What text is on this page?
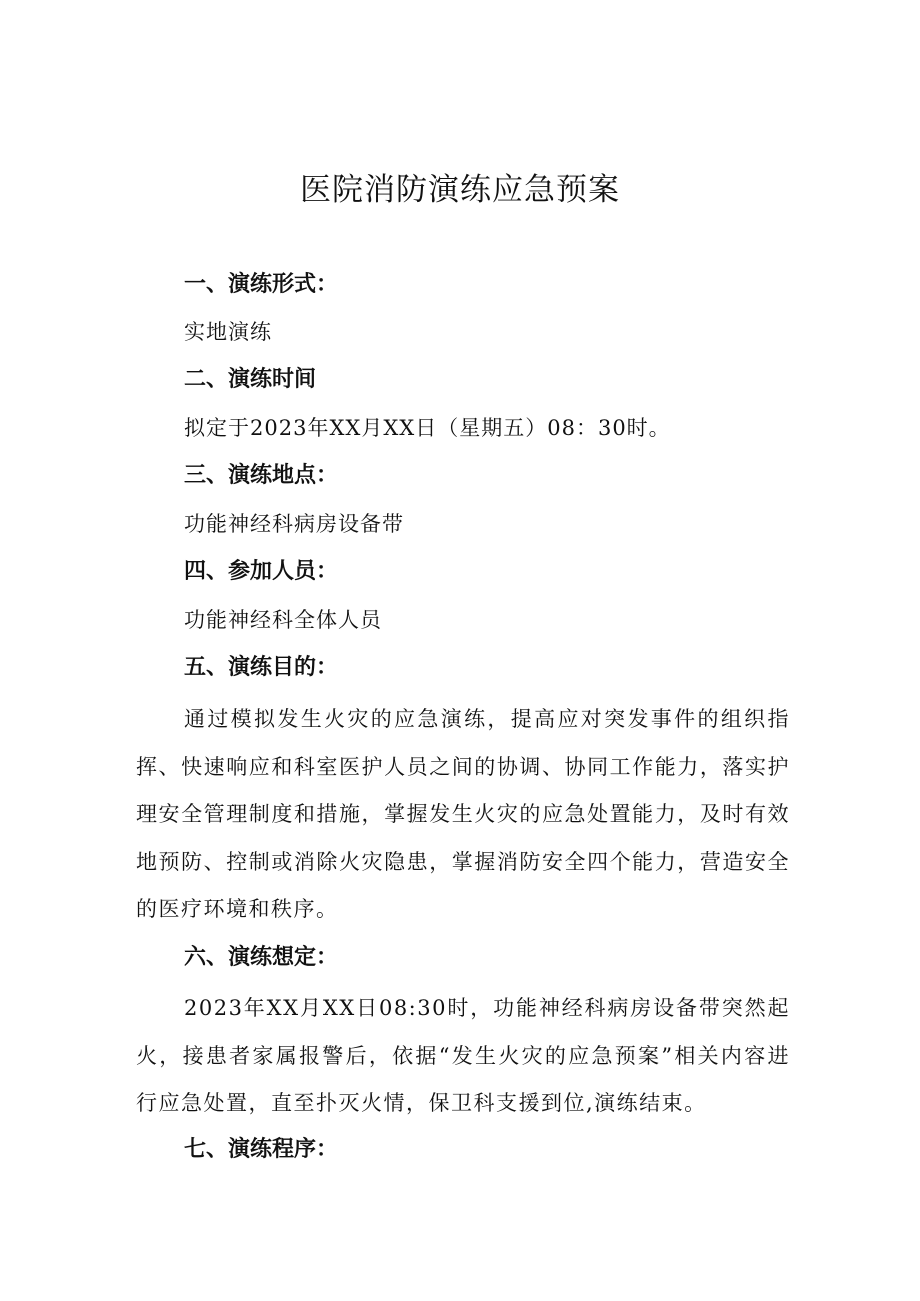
医院消防演练应急预案
一、演练形式：

实地演练

二、演练时间

拟定于2023年XX月XX日（星期五）08：30时。

三、演练地点：

功能神经科病房设备带

四、参加人员：

功能神经科全体人员

五、演练目的：

通过模拟发生火灾的应急演练，提高应对突发事件的组织指挥、快速响应和科室医护人员之间的协调、协同工作能力，落实护理安全管理制度和措施，掌握发生火灾的应急处置能力，及时有效地预防、控制或消除火灾隐患，掌握消防安全四个能力，营造安全的医疗环境和秩序。

六、演练想定：

2023年XX月XX日08:30时，功能神经科病房设备带突然起火，接患者家属报警后，依据“发生火灾的应急预案”相关内容进行应急处置，直至扑灭火情，保卫科支援到位,演练结束。

七、演练程序：
